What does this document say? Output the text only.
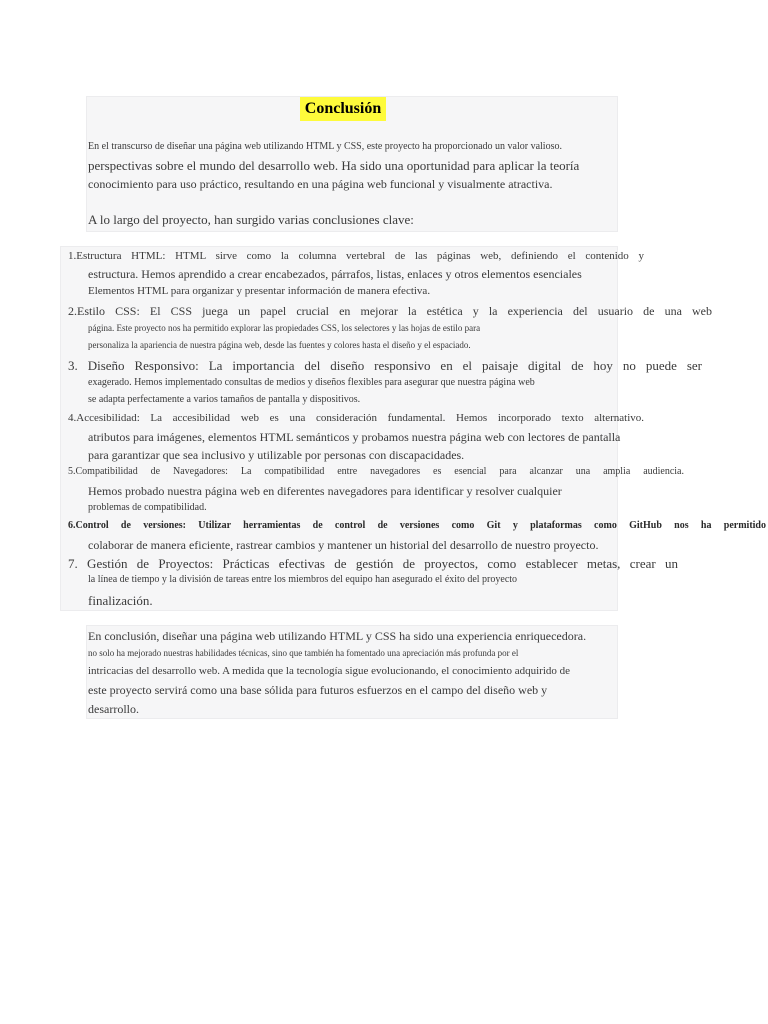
Conclusión
En el transcurso de diseñar una página web utilizando HTML y CSS, este proyecto ha proporcionado un valor valioso.
perspectivas sobre el mundo del desarrollo web. Ha sido una oportunidad para aplicar la teoría
conocimiento para uso práctico, resultando en una página web funcional y visualmente atractiva.
A lo largo del proyecto, han surgido varias conclusiones clave:
1.Estructura HTML: HTML sirve como la columna vertebral de las páginas web, definiendo el contenido y
estructura. Hemos aprendido a crear encabezados, párrafos, listas, enlaces y otros elementos esenciales
Elementos HTML para organizar y presentar información de manera efectiva.
2.Estilo CSS: El CSS juega un papel crucial en mejorar la estética y la experiencia del usuario de una web
página. Este proyecto nos ha permitido explorar las propiedades CSS, los selectores y las hojas de estilo para
personaliza la apariencia de nuestra página web, desde las fuentes y colores hasta el diseño y el espaciado.
3. Diseño Responsivo: La importancia del diseño responsivo en el paisaje digital de hoy no puede ser
exagerado. Hemos implementado consultas de medios y diseños flexibles para asegurar que nuestra página web
se adapta perfectamente a varios tamaños de pantalla y dispositivos.
4.Accesibilidad: La accesibilidad web es una consideración fundamental. Hemos incorporado texto alternativo.
atributos para imágenes, elementos HTML semánticos y probamos nuestra página web con lectores de pantalla
para garantizar que sea inclusivo y utilizable por personas con discapacidades.
5.Compatibilidad de Navegadores: La compatibilidad entre navegadores es esencial para alcanzar una amplia audiencia.
Hemos probado nuestra página web en diferentes navegadores para identificar y resolver cualquier
problemas de compatibilidad.
6.Control de versiones: Utilizar herramientas de control de versiones como Git y plataformas como GitHub nos ha permitido
colaborar de manera eficiente, rastrear cambios y mantener un historial del desarrollo de nuestro proyecto.
7. Gestión de Proyectos: Prácticas efectivas de gestión de proyectos, como establecer metas, crear un
la línea de tiempo y la división de tareas entre los miembros del equipo han asegurado el éxito del proyecto
finalización.
En conclusión, diseñar una página web utilizando HTML y CSS ha sido una experiencia enriquecedora.
no solo ha mejorado nuestras habilidades técnicas, sino que también ha fomentado una apreciación más profunda por el
intricacias del desarrollo web. A medida que la tecnología sigue evolucionando, el conocimiento adquirido de
este proyecto servirá como una base sólida para futuros esfuerzos en el campo del diseño web y
desarrollo.
